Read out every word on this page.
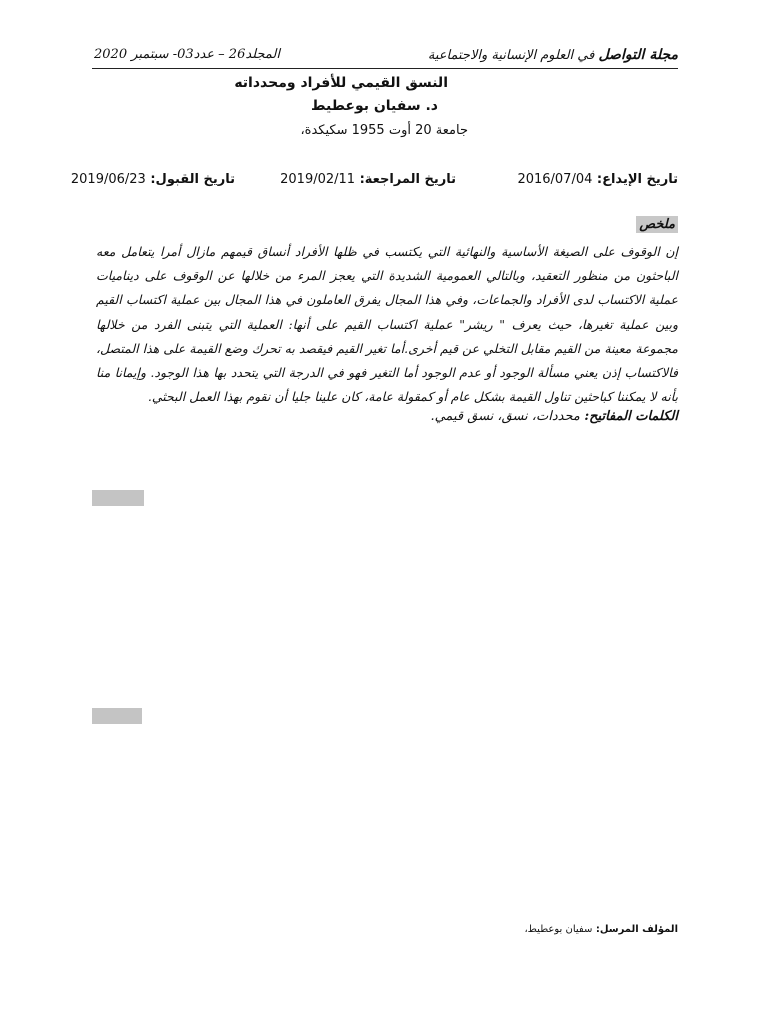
مجلة التواصل في العلوم الإنسانية والاجتماعية
المجلد26 – عدد03- سبتمبر 2020
النسق القيمي للأفراد ومحدداته
د. سفيان بوعطيط
جامعة 20 أوت 1955 سكيكدة،
تاريخ الإيداع: 2016/07/04
تاريخ المراجعة: 2019/02/11
تاريخ القبول: 2019/06/23
ملخص
إن الوقوف على الصيغة الأساسية والنهائية التي يكتسب في ظلها الأفراد أنساق قيمهم مازال أمرا يتعامل معه الباحثون من منظور التعقيد، وبالتالي العمومية الشديدة التي يعجز المرء من خلالها عن الوقوف على ديناميات عملية الاكتساب لدى الأفراد والجماعات، وفي هذا المجال يفرق العاملون في هذا المجال بين عملية اكتساب القيم وبين عملية تغيرها، حيث يعرف " ريشر" عملية اكتساب القيم على أنها: العملية التي يتبنى الفرد من خلالها مجموعة معينة من القيم مقابل التخلي عن قيم أخرى.أما تغير القيم فيقصد به تحرك وضع القيمة على هذا المتصل، فالاكتساب إذن يعني مسألة الوجود أو عدم الوجود أما التغير فهو في الدرجة التي يتحدد بها هذا الوجود. وإيمانا منا بأنه لا يمكننا كباحثين تناول القيمة بشكل عام أو كمقولة عامة، كان علينا جليا أن نقوم بهذا العمل البحثي.
الكلمات المفاتيح: محددات، نسق، نسق قيمي.
المؤلف المرسل: سفيان بوعطيط،
